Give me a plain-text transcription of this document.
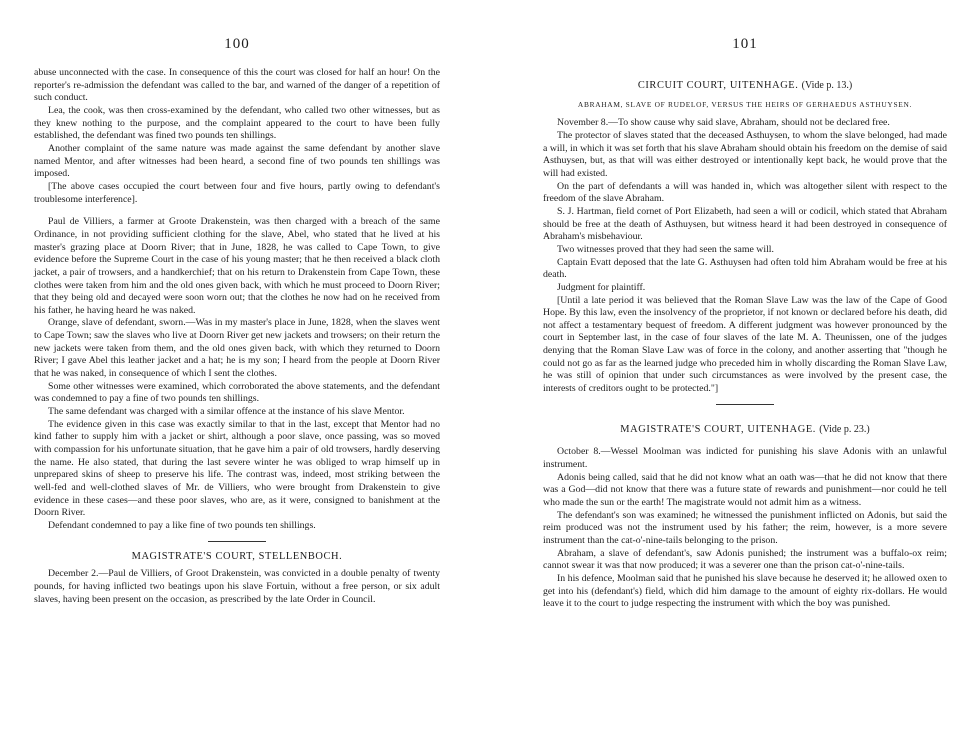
100

abuse unconnected with the case. In consequence of this the court was closed for half an hour! On the reporter's re-admission the defendant was called to the bar, and warned of the danger of a repetition of such conduct.

Lea, the cook, was then cross-examined by the defendant, who called two other witnesses, but as they knew nothing to the purpose, and the complaint appeared to the court to have been fully established, the defendant was fined two pounds ten shillings.

Another complaint of the same nature was made against the same defendant by another slave named Mentor, and after witnesses had been heard, a second fine of two pounds ten shillings was imposed.

[The above cases occupied the court between four and five hours, partly owing to defendant's troublesome interference].

Paul de Villiers, a farmer at Groote Drakenstein, was then charged with a breach of the same Ordinance, in not providing sufficient clothing for the slave, Abel, who stated that he lived at his master's grazing place at Doorn River; that in June, 1828, he was called to Cape Town, to give evidence before the Supreme Court in the case of his young master; that he then received a black cloth jacket, a pair of trowsers, and a handkerchief; that on his return to Drakenstein from Cape Town, these clothes were taken from him and the old ones given back, with which he must proceed to Doorn River; that they being old and decayed were soon worn out; that the clothes he now had on he received from his father, he having heard he was naked.

Orange, slave of defendant, sworn.—Was in my master's place in June, 1828, when the slaves went to Cape Town; saw the slaves who live at Doorn River get new jackets and trowsers; on their return the new jackets were taken from them, and the old ones given back, with which they returned to Doorn River; I gave Abel this leather jacket and a hat; he is my son; I heard from the people at Doorn River that he was naked, in consequence of which I sent the clothes.

Some other witnesses were examined, which corroborated the above statements, and the defendant was condemned to pay a fine of two pounds ten shillings.

The same defendant was charged with a similar offence at the instance of his slave Mentor.

The evidence given in this case was exactly similar to that in the last, except that Mentor had no kind father to supply him with a jacket or shirt, although a poor slave, once passing, was so moved with compassion for his unfortunate situation, that he gave him a pair of old trowsers, hardly deserving the name. He also stated, that during the last severe winter he was obliged to wrap himself up in unprepared skins of sheep to preserve his life. The contrast was, indeed, most striking between the well-fed and well-clothed slaves of Mr. de Villiers, who were brought from Drakenstein to give evidence in these cases—and these poor slaves, who are, as it were, consigned to banishment at the Doorn River.

Defendant condemned to pay a like fine of two pounds ten shillings.

MAGISTRATE'S COURT, STELLENBOCH.

December 2.—Paul de Villiers, of Groot Drakenstein, was convicted in a double penalty of twenty pounds, for having inflicted two beatings upon his slave Fortuin, without a free person, or six adult slaves, having been present on the occasion, as prescribed by the late Order in Council.

101

CIRCUIT COURT, UITENHAGE. (Vide p. 13.)

ABRAHAM, SLAVE OF RUDELOF, VERSUS THE HEIRS OF GERHAEDUS ASTHUYSEN.

November 8.—To show cause why said slave, Abraham, should not be declared free.

The protector of slaves stated that the deceased Asthuysen, to whom the slave belonged, had made a will, in which it was set forth that his slave Abraham should obtain his freedom on the demise of said Asthuysen, but, as that will was either destroyed or intentionally kept back, he would prove that the will had existed.

On the part of defendants a will was handed in, which was altogether silent with respect to the freedom of the slave Abraham.

S. J. Hartman, field cornet of Port Elizabeth, had seen a will or codicil, which stated that Abraham should be free at the death of Asthuysen, but witness heard it had been destroyed in consequence of Abraham's misbehaviour.

Two witnesses proved that they had seen the same will.

Captain Evatt deposed that the late G. Asthuysen had often told him Abraham would be free at his death.

Judgment for plaintiff.

[Until a late period it was believed that the Roman Slave Law was the law of the Cape of Good Hope. By this law, even the insolvency of the proprietor, if not known or declared before his death, did not affect a testamentary bequest of freedom. A different judgment was however pronounced by the court in September last, in the case of four slaves of the late M. A. Theunissen, one of the judges denying that the Roman Slave Law was of force in the colony, and another asserting that "though he could not go as far as the learned judge who preceded him in wholly discarding the Roman Slave Law, he was still of opinion that under such circumstances as were involved by the present case, the interests of creditors ought to be protected."]

MAGISTRATE'S COURT, UITENHAGE. (Vide p. 23.)

October 8.—Wessel Moolman was indicted for punishing his slave Adonis with an unlawful instrument.

Adonis being called, said that he did not know what an oath was—that he did not know that there was a God—did not know that there was a future state of rewards and punishment—nor could he tell who made the sun or the earth! The magistrate would not admit him as a witness.

The defendant's son was examined; he witnessed the punishment inflicted on Adonis, but said the reim produced was not the instrument used by his father; the reim, however, is a more severe instrument than the cat-o'-nine-tails belonging to the prison.

Abraham, a slave of defendant's, saw Adonis punished; the instrument was a buffalo-ox reim; cannot swear it was that now produced; it was a severer one than the prison cat-o'-nine-tails.

In his defence, Moolman said that he punished his slave because he deserved it; he allowed oxen to get into his (defendant's) field, which did him damage to the amount of eighty rix-dollars. He would leave it to the court to judge respecting the instrument with which the boy was punished.
